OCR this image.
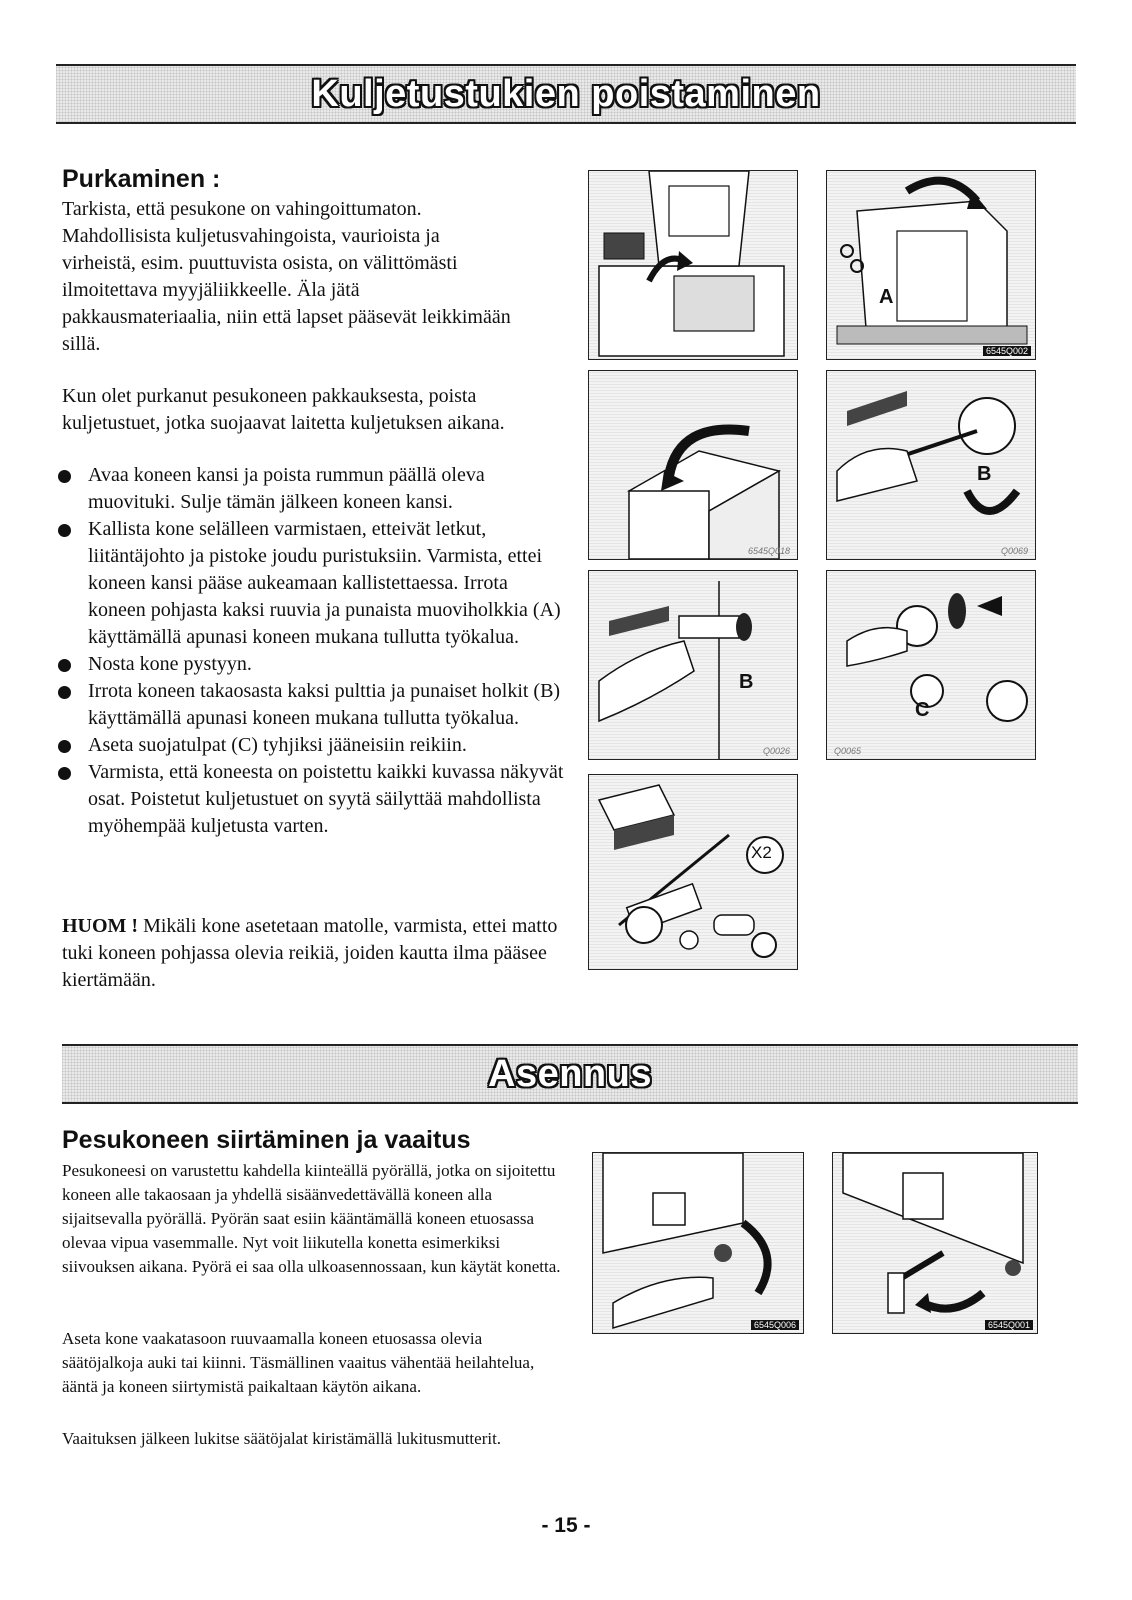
Kuljetustukien poistaminen
Purkaminen :

Tarkista, että pesukone on vahingoittumaton. Mahdollisista kuljetusvahingoista, vaurioista ja virheistä, esim. puuttuvista osista, on välittömästi ilmoitettava myyjäliikkeelle. Äla jätä pakkausmateriaalia, niin että lapset pääsevät leikkimään sillä.

Kun olet purkanut pesukoneen pakkauksesta, poista kuljetustuet, jotka suojaavat laitetta kuljetuksen aikana.

Avaa koneen kansi ja poista rummun päällä oleva muovituki. Sulje tämän jälkeen koneen kansi.
Kallista kone selälleen varmistaen, etteivät letkut, liitäntäjohto ja pistoke joudu puristuksiin. Varmista, ettei koneen kansi pääse aukeamaan kallistettaessa. Irrota koneen pohjasta kaksi ruuvia ja punaista muoviholkkia (A) käyttämällä apunasi koneen mukana tullutta työkalua.
Nosta kone pystyyn.
Irrota koneen takaosasta kaksi pulttia ja punaiset holkit (B) käyttämällä apunasi koneen mukana tullutta työkalua.
Aseta suojatulpat (C) tyhjiksi jääneisiin reikiin.
Varmista, että koneesta on poistettu kaikki kuvassa näkyvät osat. Poistetut kuljetustuet on syytä säilyttää mahdollista myöhempää kuljetusta varten.

HUOM ! Mikäli kone asetetaan matolle, varmista, ettei matto tuki koneen pohjassa olevia reikiä, joiden kautta ilma pääsee kiertämään.

A
6545Q002
6545Q018
B
Q0069
B
Q0026
C
Q0065
X2
Asennus
Pesukoneen siirtäminen ja vaaitus

Pesukoneesi on varustettu kahdella kiinteällä pyörällä, jotka on sijoitettu koneen alle takaosaan ja yhdellä sisäänvedettävällä koneen alla sijaitsevalla pyörällä. Pyörän saat esiin kääntämällä koneen etuosassa olevaa vipua vasemmalle. Nyt voit liikutella konetta esimerkiksi siivouksen aikana. Pyörä ei saa olla ulkoasennossaan, kun käytät konetta.

Aseta kone vaakatasoon ruuvaamalla koneen etuosassa olevia säätöjalkoja auki tai kiinni. Täsmällinen vaaitus vähentää heilahtelua, ääntä ja koneen siirtymistä paikaltaan käytön aikana.

Vaaituksen jälkeen lukitse säätöjalat kiristämällä lukitusmutterit.

6545Q006	6545Q001
- 15 -
